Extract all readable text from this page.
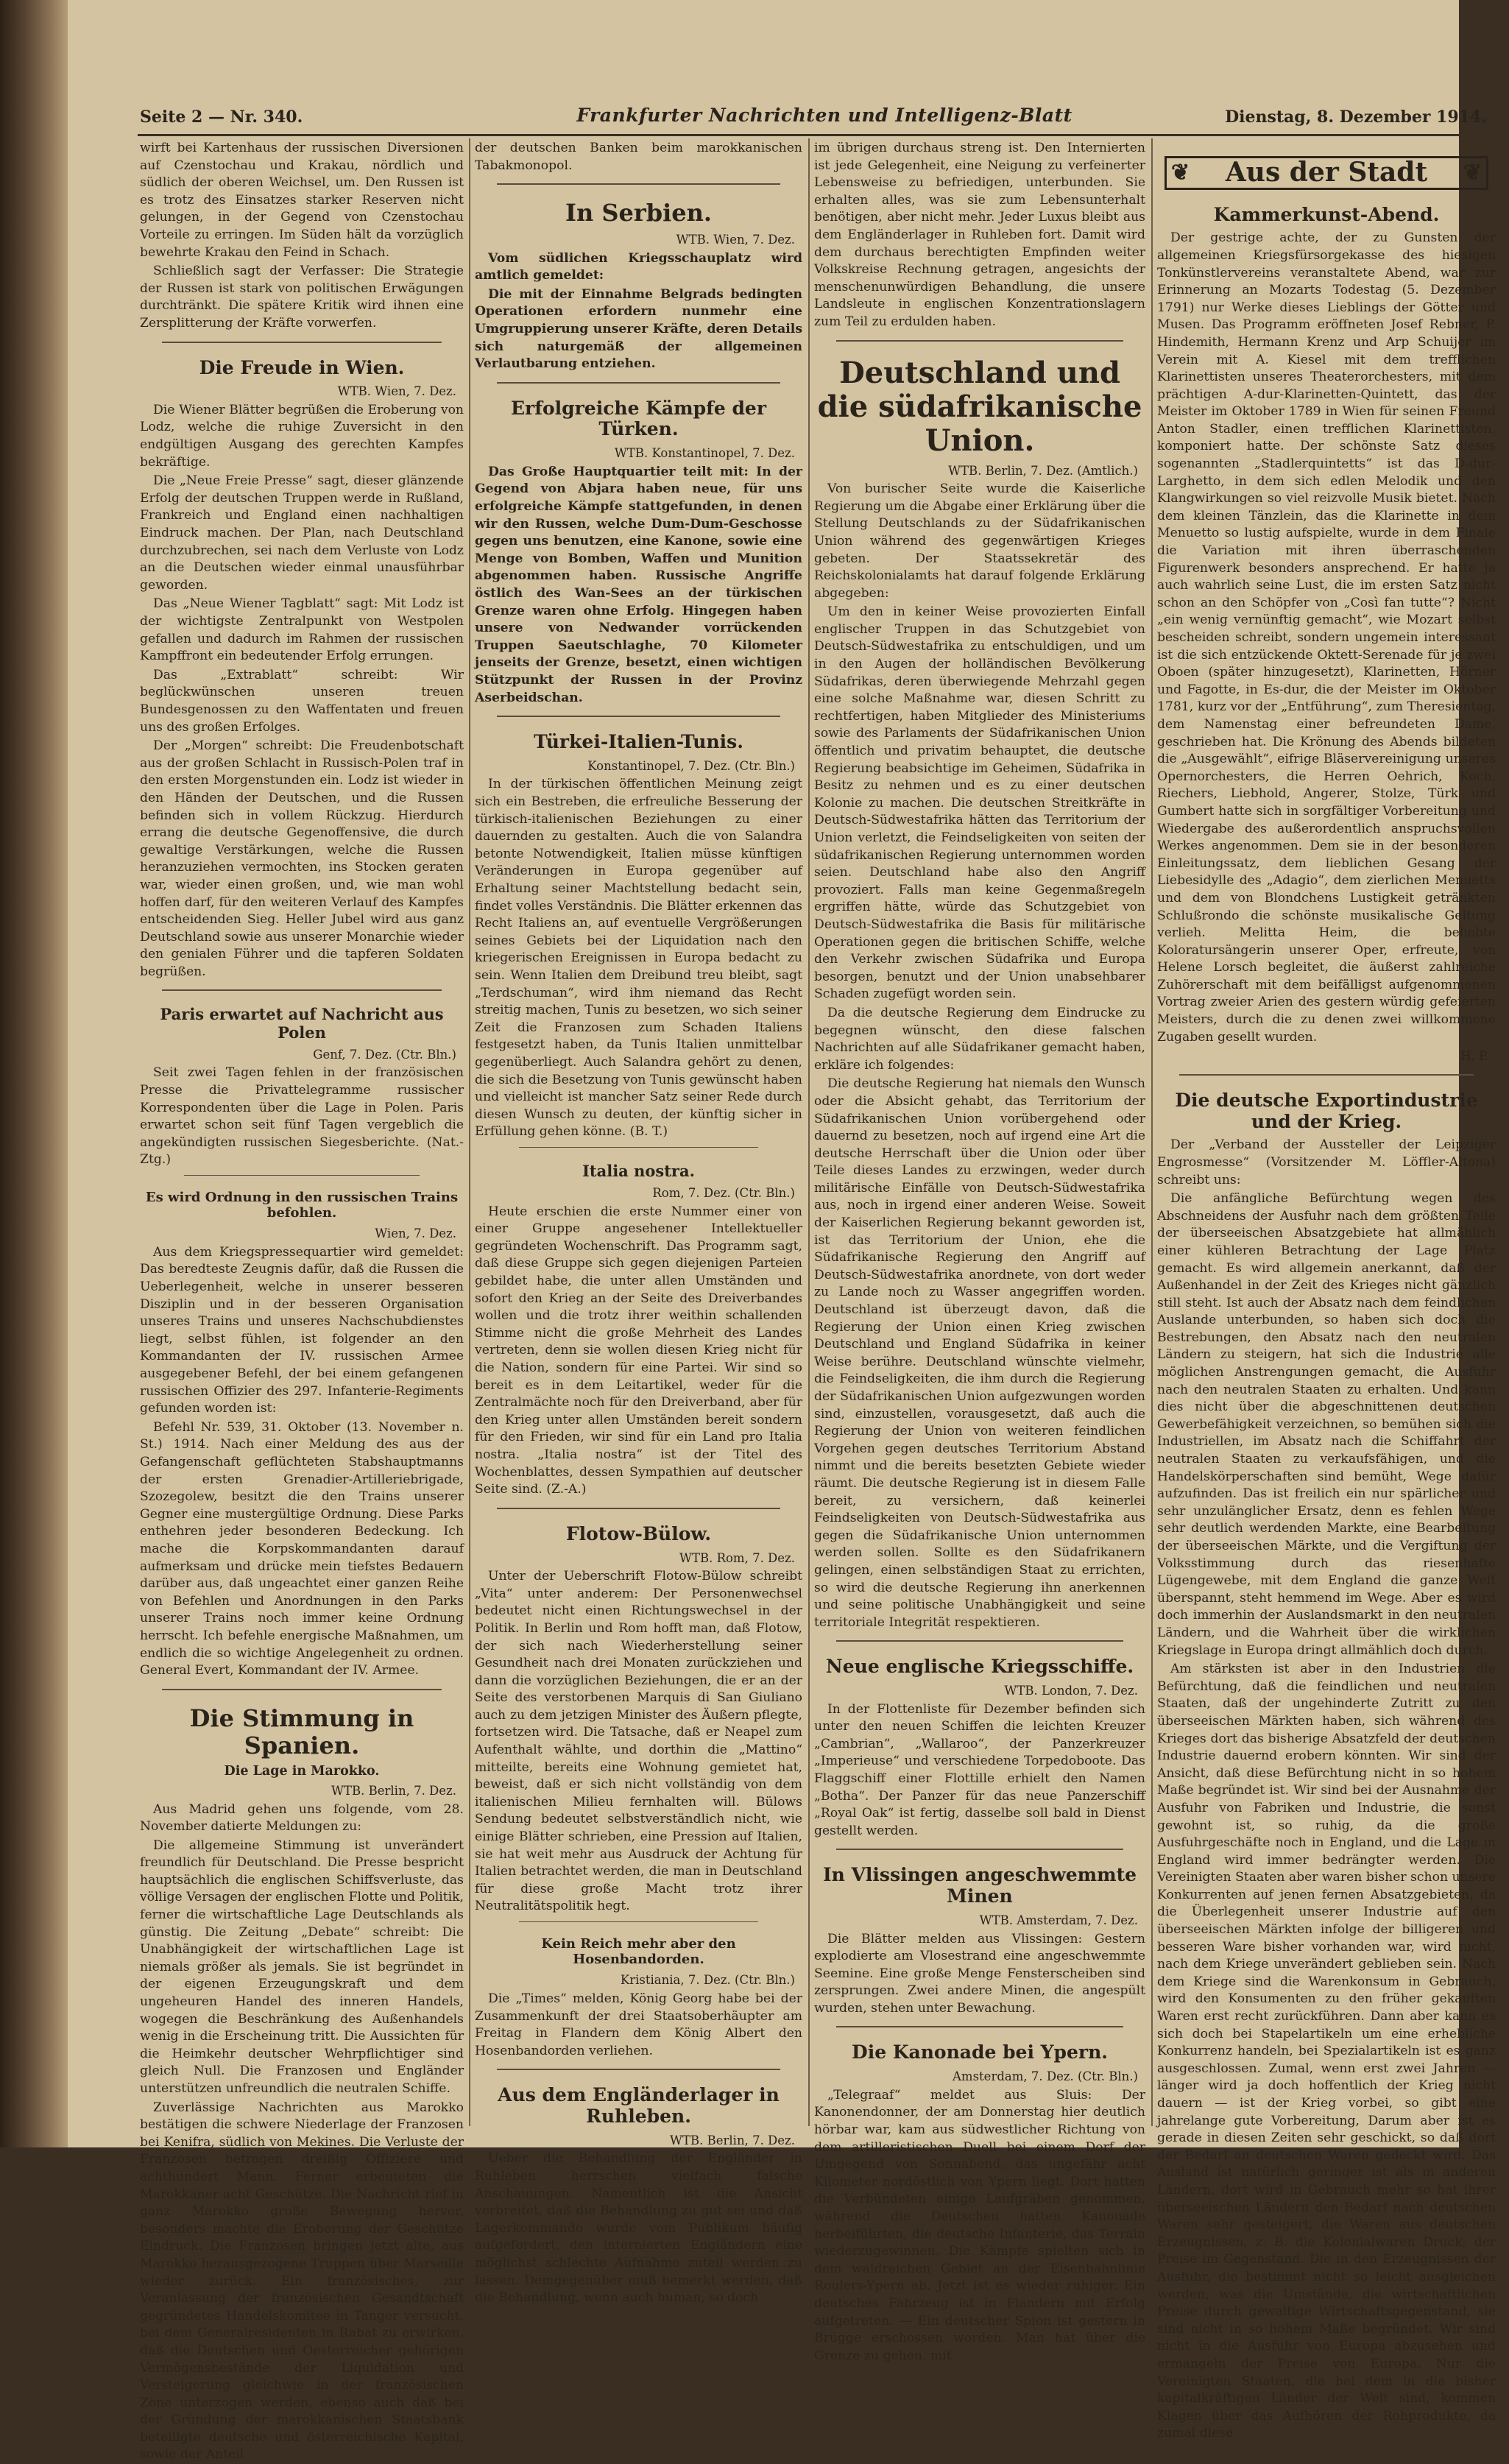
Seite 2 — Nr. 340.	Frankfurter Nachrichten und Intelligenz-Blatt	Dienstag, 8. Dezember 1914.

wirft bei Kartenhaus der russischen Diversionen auf Czenstochau und Krakau, nördlich und südlich der oberen Weichsel, um. Den Russen ist es trotz des Einsatzes starker Reserven nicht gelungen, in der Gegend von Czenstochau Vorteile zu erringen. Im Süden hält da vorzüglich bewehrte Krakau den Feind in Schach.

Schließlich sagt der Verfasser: Die Strategie der Russen ist stark von politischen Erwägungen durchtränkt. Die spätere Kritik wird ihnen eine Zersplitterung der Kräfte vorwerfen.

Die Freude in Wien.
WTB. Wien, 7. Dez.

Die Wiener Blätter begrüßen die Eroberung von Lodz, welche die ruhige Zuversicht in den endgültigen Ausgang des gerechten Kampfes bekräftige.

Die „Neue Freie Presse“ sagt, dieser glänzende Erfolg der deutschen Truppen werde in Rußland, Frankreich und England einen nachhaltigen Eindruck machen. Der Plan, nach Deutschland durchzubrechen, sei nach dem Verluste von Lodz an die Deutschen wieder einmal unausführbar geworden.

Das „Neue Wiener Tagblatt“ sagt: Mit Lodz ist der wichtigste Zentralpunkt von Westpolen gefallen und dadurch im Rahmen der russischen Kampffront ein bedeutender Erfolg errungen.

Das „Extrablatt“ schreibt: Wir beglückwünschen unseren treuen Bundesgenossen zu den Waffentaten und freuen uns des großen Erfolges.

Der „Morgen“ schreibt: Die Freudenbotschaft aus der großen Schlacht in Russisch-Polen traf in den ersten Morgenstunden ein. Lodz ist wieder in den Händen der Deutschen, und die Russen befinden sich in vollem Rückzug. Hierdurch errang die deutsche Gegenoffensive, die durch gewaltige Verstärkungen, welche die Russen heranzuziehen vermochten, ins Stocken geraten war, wieder einen großen, und, wie man wohl hoffen darf, für den weiteren Verlauf des Kampfes entscheidenden Sieg. Heller Jubel wird aus ganz Deutschland sowie aus unserer Monarchie wieder den genialen Führer und die tapferen Soldaten begrüßen.

Paris erwartet auf Nachricht aus Polen
Genf, 7. Dez. (Ctr. Bln.)

Seit zwei Tagen fehlen in der französischen Presse die Privattelegramme russischer Korrespondenten über die Lage in Polen. Paris erwartet schon seit fünf Tagen vergeblich die angekündigten russischen Siegesberichte. (Nat.-Ztg.)

Es wird Ordnung in den russischen Trains befohlen.
Wien, 7. Dez.

Aus dem Kriegspressequartier wird gemeldet: Das beredteste Zeugnis dafür, daß die Russen die Ueberlegenheit, welche in unserer besseren Disziplin und in der besseren Organisation unseres Trains und unseres Nachschubdienstes liegt, selbst fühlen, ist folgender an den Kommandanten der IV. russischen Armee ausgegebener Befehl, der bei einem gefangenen russischen Offizier des 297. Infanterie-Regiments gefunden worden ist:

Befehl Nr. 539, 31. Oktober (13. November n. St.) 1914. Nach einer Meldung des aus der Gefangenschaft geflüchteten Stabshauptmanns der ersten Grenadier-Artilleriebrigade, Szozegolew, besitzt die den Trains unserer Gegner eine mustergültige Ordnung. Diese Parks enthehren jeder besonderen Bedeckung. Ich mache die Korpskommandanten darauf aufmerksam und drücke mein tiefstes Bedauern darüber aus, daß ungeachtet einer ganzen Reihe von Befehlen und Anordnungen in den Parks unserer Trains noch immer keine Ordnung herrscht. Ich befehle energische Maßnahmen, um endlich die so wichtige Angelegenheit zu ordnen. General Evert, Kommandant der IV. Armee.

Die Stimmung in Spanien.
Die Lage in Marokko.
WTB. Berlin, 7. Dez.

Aus Madrid gehen uns folgende, vom 28. November datierte Meldungen zu:

Die allgemeine Stimmung ist unverändert freundlich für Deutschland. Die Presse bespricht hauptsächlich die englischen Schiffsverluste, das völlige Versagen der englischen Flotte und Politik, ferner die wirtschaftliche Lage Deutschlands als günstig. Die Zeitung „Debate“ schreibt: Die Unabhängigkeit der wirtschaftlichen Lage ist niemals größer als jemals. Sie ist begründet in der eigenen Erzeugungskraft und dem ungeheuren Handel des inneren Handels, wogegen die Beschränkung des Außenhandels wenig in die Erscheinung tritt. Die Aussichten für die Heimkehr deutscher Wehrpflichtiger sind gleich Null. Die Franzosen und Engländer unterstützen unfreundlich die neutralen Schiffe.

Zuverlässige Nachrichten aus Marokko bestätigen die schwere Niederlage der Franzosen bei Kenifra, südlich von Mekines. Die Verluste der Franzosen betragen dreißig Offiziere und achthundert Mann. Ferner erbeuteten die Marokkaner acht Geschütze. Die Nachricht rief in ganz Marokko große Bewegung hervor, besonders machte die Eroberung der Geschütze Eindruck. Die Franzosen bringen jetzt alte, aus Marokko herausgezogene Truppen über Marseille wieder zurück. Ein französisches, zur Veranlassung der französischen Gesandtschaft gegründetes Handelskomitee in Tanger versucht, bei dem Generalresidenten in Rabat zu erwirken, daß die Deutschen und Oesterreicher gehörigen Vermögensbestände der Liquidation und Versteigerung gleichwie in der französischen Zone unterzogen werden, ebenso auch daß bei der Gründung der marokkanischen Staatsbank beteiligte deutsche und österreichische Kapital, sowie der Anteil

der deutschen Banken beim marokkanischen Tabakmonopol.

In Serbien.
WTB. Wien, 7. Dez.

Vom südlichen Kriegsschauplatz wird amtlich gemeldet:

Die mit der Einnahme Belgrads bedingten Operationen erfordern nunmehr eine Umgruppierung unserer Kräfte, deren Details sich naturgemäß der allgemeinen Verlautbarung entziehen.

Erfolgreiche Kämpfe der Türken.
WTB. Konstantinopel, 7. Dez.

Das Große Hauptquartier teilt mit: In der Gegend von Abjara haben neue, für uns erfolgreiche Kämpfe stattgefunden, in denen wir den Russen, welche Dum-Dum-Geschosse gegen uns benutzen, eine Kanone, sowie eine Menge von Bomben, Waffen und Munition abgenommen haben. Russische Angriffe östlich des Wan-Sees an der türkischen Grenze waren ohne Erfolg. Hingegen haben unsere von Nedwander vorrückenden Truppen Saeutschlaghe, 70 Kilometer jenseits der Grenze, besetzt, einen wichtigen Stützpunkt der Russen in der Provinz Aserbeidschan.

Türkei-Italien-Tunis.
Konstantinopel, 7. Dez. (Ctr. Bln.)

In der türkischen öffentlichen Meinung zeigt sich ein Bestreben, die erfreuliche Besserung der türkisch-italienischen Beziehungen zu einer dauernden zu gestalten. Auch die von Salandra betonte Notwendigkeit, Italien müsse künftigen Veränderungen in Europa gegenüber auf Erhaltung seiner Machtstellung bedacht sein, findet volles Verständnis. Die Blätter erkennen das Recht Italiens an, auf eventuelle Vergrößerungen seines Gebiets bei der Liquidation nach den kriegerischen Ereignissen in Europa bedacht zu sein. Wenn Italien dem Dreibund treu bleibt, sagt „Terdschuman“, wird ihm niemand das Recht streitig machen, Tunis zu besetzen, wo sich seiner Zeit die Franzosen zum Schaden Italiens festgesetzt haben, da Tunis Italien unmittelbar gegenüberliegt. Auch Salandra gehört zu denen, die sich die Besetzung von Tunis gewünscht haben und vielleicht ist mancher Satz seiner Rede durch diesen Wunsch zu deuten, der künftig sicher in Erfüllung gehen könne. (B. T.)

Italia nostra.
Rom, 7. Dez. (Ctr. Bln.)

Heute erschien die erste Nummer einer von einer Gruppe angesehener Intellektueller gegründeten Wochenschrift. Das Programm sagt, daß diese Gruppe sich gegen diejenigen Parteien gebildet habe, die unter allen Umständen und sofort den Krieg an der Seite des Dreiverbandes wollen und die trotz ihrer weithin schallenden Stimme nicht die große Mehrheit des Landes vertreten, denn sie wollen diesen Krieg nicht für die Nation, sondern für eine Partei. Wir sind so bereit es in dem Leitartikel, weder für die Zentralmächte noch für den Dreiverband, aber für den Krieg unter allen Umständen bereit sondern für den Frieden, wir sind für ein Land pro Italia nostra. „Italia nostra“ ist der Titel des Wochenblattes, dessen Sympathien auf deutscher Seite sind. (Z.-A.)

Flotow-Bülow.
WTB. Rom, 7. Dez.

Unter der Ueberschrift Flotow-Bülow schreibt „Vita“ unter anderem: Der Personenwechsel bedeutet nicht einen Richtungswechsel in der Politik. In Berlin und Rom hofft man, daß Flotow, der sich nach Wiederherstellung seiner Gesundheit nach drei Monaten zurückziehen und dann die vorzüglichen Beziehungen, die er an der Seite des verstorbenen Marquis di San Giuliano auch zu dem jetzigen Minister des Äußern pflegte, fortsetzen wird. Die Tatsache, daß er Neapel zum Aufenthalt wählte, und dorthin die „Mattino“ mitteilte, bereits eine Wohnung gemietet hat, beweist, daß er sich nicht vollständig von dem italienischen Milieu fernhalten will. Bülows Sendung bedeutet selbstverständlich nicht, wie einige Blätter schrieben, eine Pression auf Italien, sie hat weit mehr aus Ausdruck der Achtung für Italien betrachtet werden, die man in Deutschland für diese große Macht trotz ihrer Neutralitätspolitik hegt.

Kein Reich mehr aber den Hosenbandorden.
Kristiania, 7. Dez. (Ctr. Bln.)

Die „Times“ melden, König Georg habe bei der Zusammenkunft der drei Staatsoberhäupter am Freitag in Flandern dem König Albert den Hosenbandorden verliehen.

Aus dem Engländerlager in Ruhleben.
WTB. Berlin, 7. Dez.

Ueber die Behandlung der Engländer in Ruhleben herrschen vielfach falsche Anschauungen. Namentlich ist die Ansicht verbreitet, daß die Behandlung zu gut sei und daß Lagerkommando wurde vom Publikum häufig aufgefordert, den internierten Engländern eine möglichst schlechte Aufnahme zuteil werden zu lassen. Demgegenüber muß bemerkt werden, daß die Behandlung, wenn auch human, so doch

im übrigen durchaus streng ist. Den Internierten ist jede Gelegenheit, eine Neigung zu verfeinerter Lebensweise zu befriedigen, unterbunden. Sie erhalten alles, was sie zum Lebensunterhalt benötigen, aber nicht mehr. Jeder Luxus bleibt aus dem Engländerlager in Ruhleben fort. Damit wird dem durchaus berechtigten Empfinden weiter Volkskreise Rechnung getragen, angesichts der menschenunwürdigen Behandlung, die unsere Landsleute in englischen Konzentrationslagern zum Teil zu erdulden haben.

Deutschland und die südafrikanische Union.
WTB. Berlin, 7. Dez. (Amtlich.)

Von burischer Seite wurde die Kaiserliche Regierung um die Abgabe einer Erklärung über die Stellung Deutschlands zu der Südafrikanischen Union während des gegenwärtigen Krieges gebeten. Der Staatssekretär des Reichskolonialamts hat darauf folgende Erklärung abgegeben:

Um den in keiner Weise provozierten Einfall englischer Truppen in das Schutzgebiet von Deutsch-Südwestafrika zu entschuldigen, und um in den Augen der holländischen Bevölkerung Südafrikas, deren überwiegende Mehrzahl gegen eine solche Maßnahme war, diesen Schritt zu rechtfertigen, haben Mitglieder des Ministeriums sowie des Parlaments der Südafrikanischen Union öffentlich und privatim behauptet, die deutsche Regierung beabsichtige im Geheimen, Südafrika in Besitz zu nehmen und es zu einer deutschen Kolonie zu machen. Die deutschen Streitkräfte in Deutsch-Südwestafrika hätten das Territorium der Union verletzt, die Feindseligkeiten von seiten der südafrikanischen Regierung unternommen worden seien. Deutschland habe also den Angriff provoziert. Falls man keine Gegenmaßregeln ergriffen hätte, würde das Schutzgebiet von Deutsch-Südwestafrika die Basis für militärische Operationen gegen die britischen Schiffe, welche den Verkehr zwischen Südafrika und Europa besorgen, benutzt und der Union unabsehbarer Schaden zugefügt worden sein.

Da die deutsche Regierung dem Eindrucke zu begegnen wünscht, den diese falschen Nachrichten auf alle Südafrikaner gemacht haben, erkläre ich folgendes:

Die deutsche Regierung hat niemals den Wunsch oder die Absicht gehabt, das Territorium der Südafrikanischen Union vorübergehend oder dauernd zu besetzen, noch auf irgend eine Art die deutsche Herrschaft über die Union oder über Teile dieses Landes zu erzwingen, weder durch militärische Einfälle von Deutsch-Südwestafrika aus, noch in irgend einer anderen Weise. Soweit der Kaiserlichen Regierung bekannt geworden ist, ist das Territorium der Union, ehe die Südafrikanische Regierung den Angriff auf Deutsch-Südwestafrika anordnete, von dort weder zu Lande noch zu Wasser angegriffen worden. Deutschland ist überzeugt davon, daß die Regierung der Union einen Krieg zwischen Deutschland und England Südafrika in keiner Weise berühre. Deutschland wünschte vielmehr, die Feindseligkeiten, die ihm durch die Regierung der Südafrikanischen Union aufgezwungen worden sind, einzustellen, vorausgesetzt, daß auch die Regierung der Union von weiteren feindlichen Vorgehen gegen deutsches Territorium Abstand nimmt und die bereits besetzten Gebiete wieder räumt. Die deutsche Regierung ist in diesem Falle bereit, zu versichern, daß keinerlei Feindseligkeiten von Deutsch-Südwestafrika aus gegen die Südafrikanische Union unternommen werden sollen. Sollte es den Südafrikanern gelingen, einen selbständigen Staat zu errichten, so wird die deutsche Regierung ihn anerkennen und seine politische Unabhängigkeit und seine territoriale Integrität respektieren.

Neue englische Kriegsschiffe.
WTB. London, 7. Dez.

In der Flottenliste für Dezember befinden sich unter den neuen Schiffen die leichten Kreuzer „Cambrian“, „Wallaroo“, der Panzerkreuzer „Imperieuse“ und verschiedene Torpedoboote. Das Flaggschiff einer Flottille erhielt den Namen „Botha“. Der Panzer für das neue Panzerschiff „Royal Oak“ ist fertig, dasselbe soll bald in Dienst gestellt werden.

In Vlissingen angeschwemmte Minen
WTB. Amsterdam, 7. Dez.

Die Blätter melden aus Vlissingen: Gestern explodierte am Vlosestrand eine angeschwemmte Seemine. Eine große Menge Fensterscheiben sind zersprungen. Zwei andere Minen, die angespült wurden, stehen unter Bewachung.

Die Kanonade bei Ypern.
Amsterdam, 7. Dez. (Ctr. Bln.)

„Telegraaf“ meldet aus Sluis: Der Kanonendonner, der am Donnerstag hier deutlich hörbar war, kam aus südwestlicher Richtung von dem artilleristischen Duell bei einem Dorf der Umgegend von Sonnabend, das ungefähr acht Kilometer nordöstlich von Ypern liegt. Dort hatten die Verbündeten einige Laufgräben genommen, während die Deutschen hatten Kanonade herbeiführten, die deutsche Infanterie, das Terrain wiederzugewinnen. Die Kämpfe spielten sich in dem waldreichen Gebiet an der Eisenbahnlinie Roulers-Ypern ab. Jetzt ist es wieder ruhiger. Ein deutsches Fahrzeug ist in Flandern mit Erfolg aufgetreten. — Ein deutscher Spion ist gestern in Brügge erschossen worden. Man hat über die Grenze zu gehen, mit

❦ Aus der Stadt ❦
Kammerkunst-Abend.

Der gestrige achte, der zu Gunsten der allgemeinen Kriegsfürsorgekasse des hiesigen Tonkünstlervereins veranstaltete Abend, war zur Erinnerung an Mozarts Todestag (5. Dezember 1791) nur Werke dieses Lieblings der Götter und Musen. Das Programm eröffneten Josef Rebner, P. Hindemith, Hermann Krenz und Arp Schuijer im Verein mit A. Kiesel mit dem trefflichen Klarinettisten unseres Theaterorchesters, mit dem prächtigen A-dur-Klarinetten-Quintett, das der Meister im Oktober 1789 in Wien für seinen Freund Anton Stadler, einen trefflichen Klarinettisten, komponiert hatte. Der schönste Satz dieses sogenannten „Stadlerquintetts“ ist das D-dur-Larghetto, in dem sich edlen Melodik und den Klangwirkungen so viel reizvolle Musik bietet. Nach dem kleinen Tänzlein, das die Klarinette in dem Menuetto so lustig aufspielte, wurde in dem Finale die Variation mit ihren überraschenden Figurenwerk besonders ansprechend. Er hatte ja auch wahrlich seine Lust, die im ersten Satz nicht schon an den Schöpfer von „Così fan tutte“? Nicht „ein wenig vernünftig gemacht“, wie Mozart selbst bescheiden schreibt, sondern ungemein interessant ist die sich entzückende Oktett-Serenade für je zwei Oboen (später hinzugesetzt), Klarinetten, Hörner und Fagotte, in Es-dur, die der Meister im Oktober 1781, kurz vor der „Entführung“, zum Theresientag, dem Namenstag einer befreundeten Dame, geschrieben hat. Die Krönung des Abends bildeten die „Ausgewählt“, eifrige Bläservereinigung unseres Opernorchesters, die Herren Oehrich, Koch, Riechers, Liebhold, Angerer, Stolze, Türk und Gumbert hatte sich in sorgfältiger Vorbereitung und Wiedergabe des außerordentlich anspruchsvollen Werkes angenommen. Dem sie in der besonderen Einleitungssatz, dem lieblichen Gesang der Liebesidylle des „Adagio“, dem zierlichen Menuetts und dem von Blondchens Lustigkeit getränkten Schlußrondo die schönste musikalische Geltung verlieh. Melitta Heim, die beliebte Koloratursängerin unserer Oper, erfreute, von Helene Lorsch begleitet, die äußerst zahlreiche Zuhörerschaft mit dem beifälligst aufgenommenen Vortrag zweier Arien des gestern würdig gefeierten Meisters, durch die zu denen zwei willkommene Zugaben gesellt wurden.

H. P.
Die deutsche Exportindustrie und der Krieg.

Der „Verband der Aussteller der Leipziger Engrosmesse“ (Vorsitzender M. Löffler-Altona) schreibt uns:

Die anfängliche Befürchtung wegen des Abschneidens der Ausfuhr nach dem größten Teile der überseeischen Absatzgebiete hat allmählich einer kühleren Betrachtung der Lage Platz gemacht. Es wird allgemein anerkannt, daß der Außenhandel in der Zeit des Krieges nicht gänzlich still steht. Ist auch der Absatz nach dem feindlichen Auslande unterbunden, so haben sich doch die Bestrebungen, den Absatz nach den neutralen Ländern zu steigern, hat sich die Industrie alle möglichen Anstrengungen gemacht, die Ausfuhr nach den neutralen Staaten zu erhalten. Und kann dies nicht über die abgeschnittenen deutschen Gewerbefähigkeit verzeichnen, so bemühen sich die Industriellen, im Absatz nach die Schiffahrt der neutralen Staaten zu verkaufsfähigen, und die Handelskörperschaften sind bemüht, Wege dafür aufzufinden. Das ist freilich ein nur spärlicher und sehr unzulänglicher Ersatz, denn es fehlen Wege sehr deutlich werdenden Markte, eine Bearbeitung der überseeischen Märkte, und die Vergiftung der Volksstimmung durch das riesenhafte Lügengewebe, mit dem England die ganze Welt überspannt, steht hemmend im Wege. Aber es wird doch immerhin der Auslandsmarkt in den neutralen Ländern, und die Wahrheit über die wirklichen Kriegslage in Europa dringt allmählich doch durch.

Am stärksten ist aber in den Industrien die Befürchtung, daß die feindlichen und neutralen Staaten, daß der ungehinderte Zutritt zu den überseeischen Märkten haben, sich während des Krieges dort das bisherige Absatzfeld der deutschen Industrie dauernd erobern könnten. Wir sind der Ansicht, daß diese Befürchtung nicht in so hohem Maße begründet ist. Wir sind bei der Ausnahme der Ausfuhr von Fabriken und Industrie, die sonst gewohnt ist, so ruhig, da die große Ausfuhrgeschäfte noch in England, und die Lage in England wird immer bedrängter werden. Die Vereinigten Staaten aber waren bisher schon unsere Konkurrenten auf jenen fernen Absatzgebieten, da die Überlegenheit unserer Industrie auf den überseeischen Märkten infolge der billigeren und besseren Ware bisher vorhanden war, wird nicht, nach dem Kriege unverändert geblieben sein. Nach dem Kriege sind die Warenkonsum in Gebrauch, wird den Konsumenten zu den früher gekauften Waren erst recht zurückführen. Dann aber kann es sich doch bei Stapelartikeln um eine erhebliche Konkurrenz handeln, bei Spezialartikeln ist es ganz ausgeschlossen. Zumal, wenn erst zwei Jahren — länger wird ja doch hoffentlich der Krieg nicht dauern — ist der Krieg vorbei, so gibt eine jahrelange gute Vorbereitung, Darum aber ist es gerade in diesen Zeiten sehr geschickt, so daß dort der Bedarf an deutschen Waren gedeckt wird. Das Ausland ist natürlich geringer ist als in anderen Ländern, dort wird in Gebrauch mehr so hat ihrer überseeischen Ländern den Bedarf nach deutschen Waren sehr gesteigert, die Waren aus deutschen Erzeugnissen, z. B. die Kolonialwaren Druck, der Preise im Gegenstand. Die in den Erzeugnissen der Ausfuhr, die bestimmt nicht so leicht ausgleichen werden, was die Umstände, die wirtschaftlichen Preise durch gewaltige Wirtschaftsgegenstand, sie sind nicht in so hohem Maße begründet. Wir sind nicht in die Ausfuhr von Europa abzusehen und ermangeln der Preise von Europa. Nur die Vereinigten Staaten, die bei dem in die bisher kapitalkräftigen Länder der Welt sind, kommen Klagen über das Aufhören der Rohprodukte, da zumal diese
